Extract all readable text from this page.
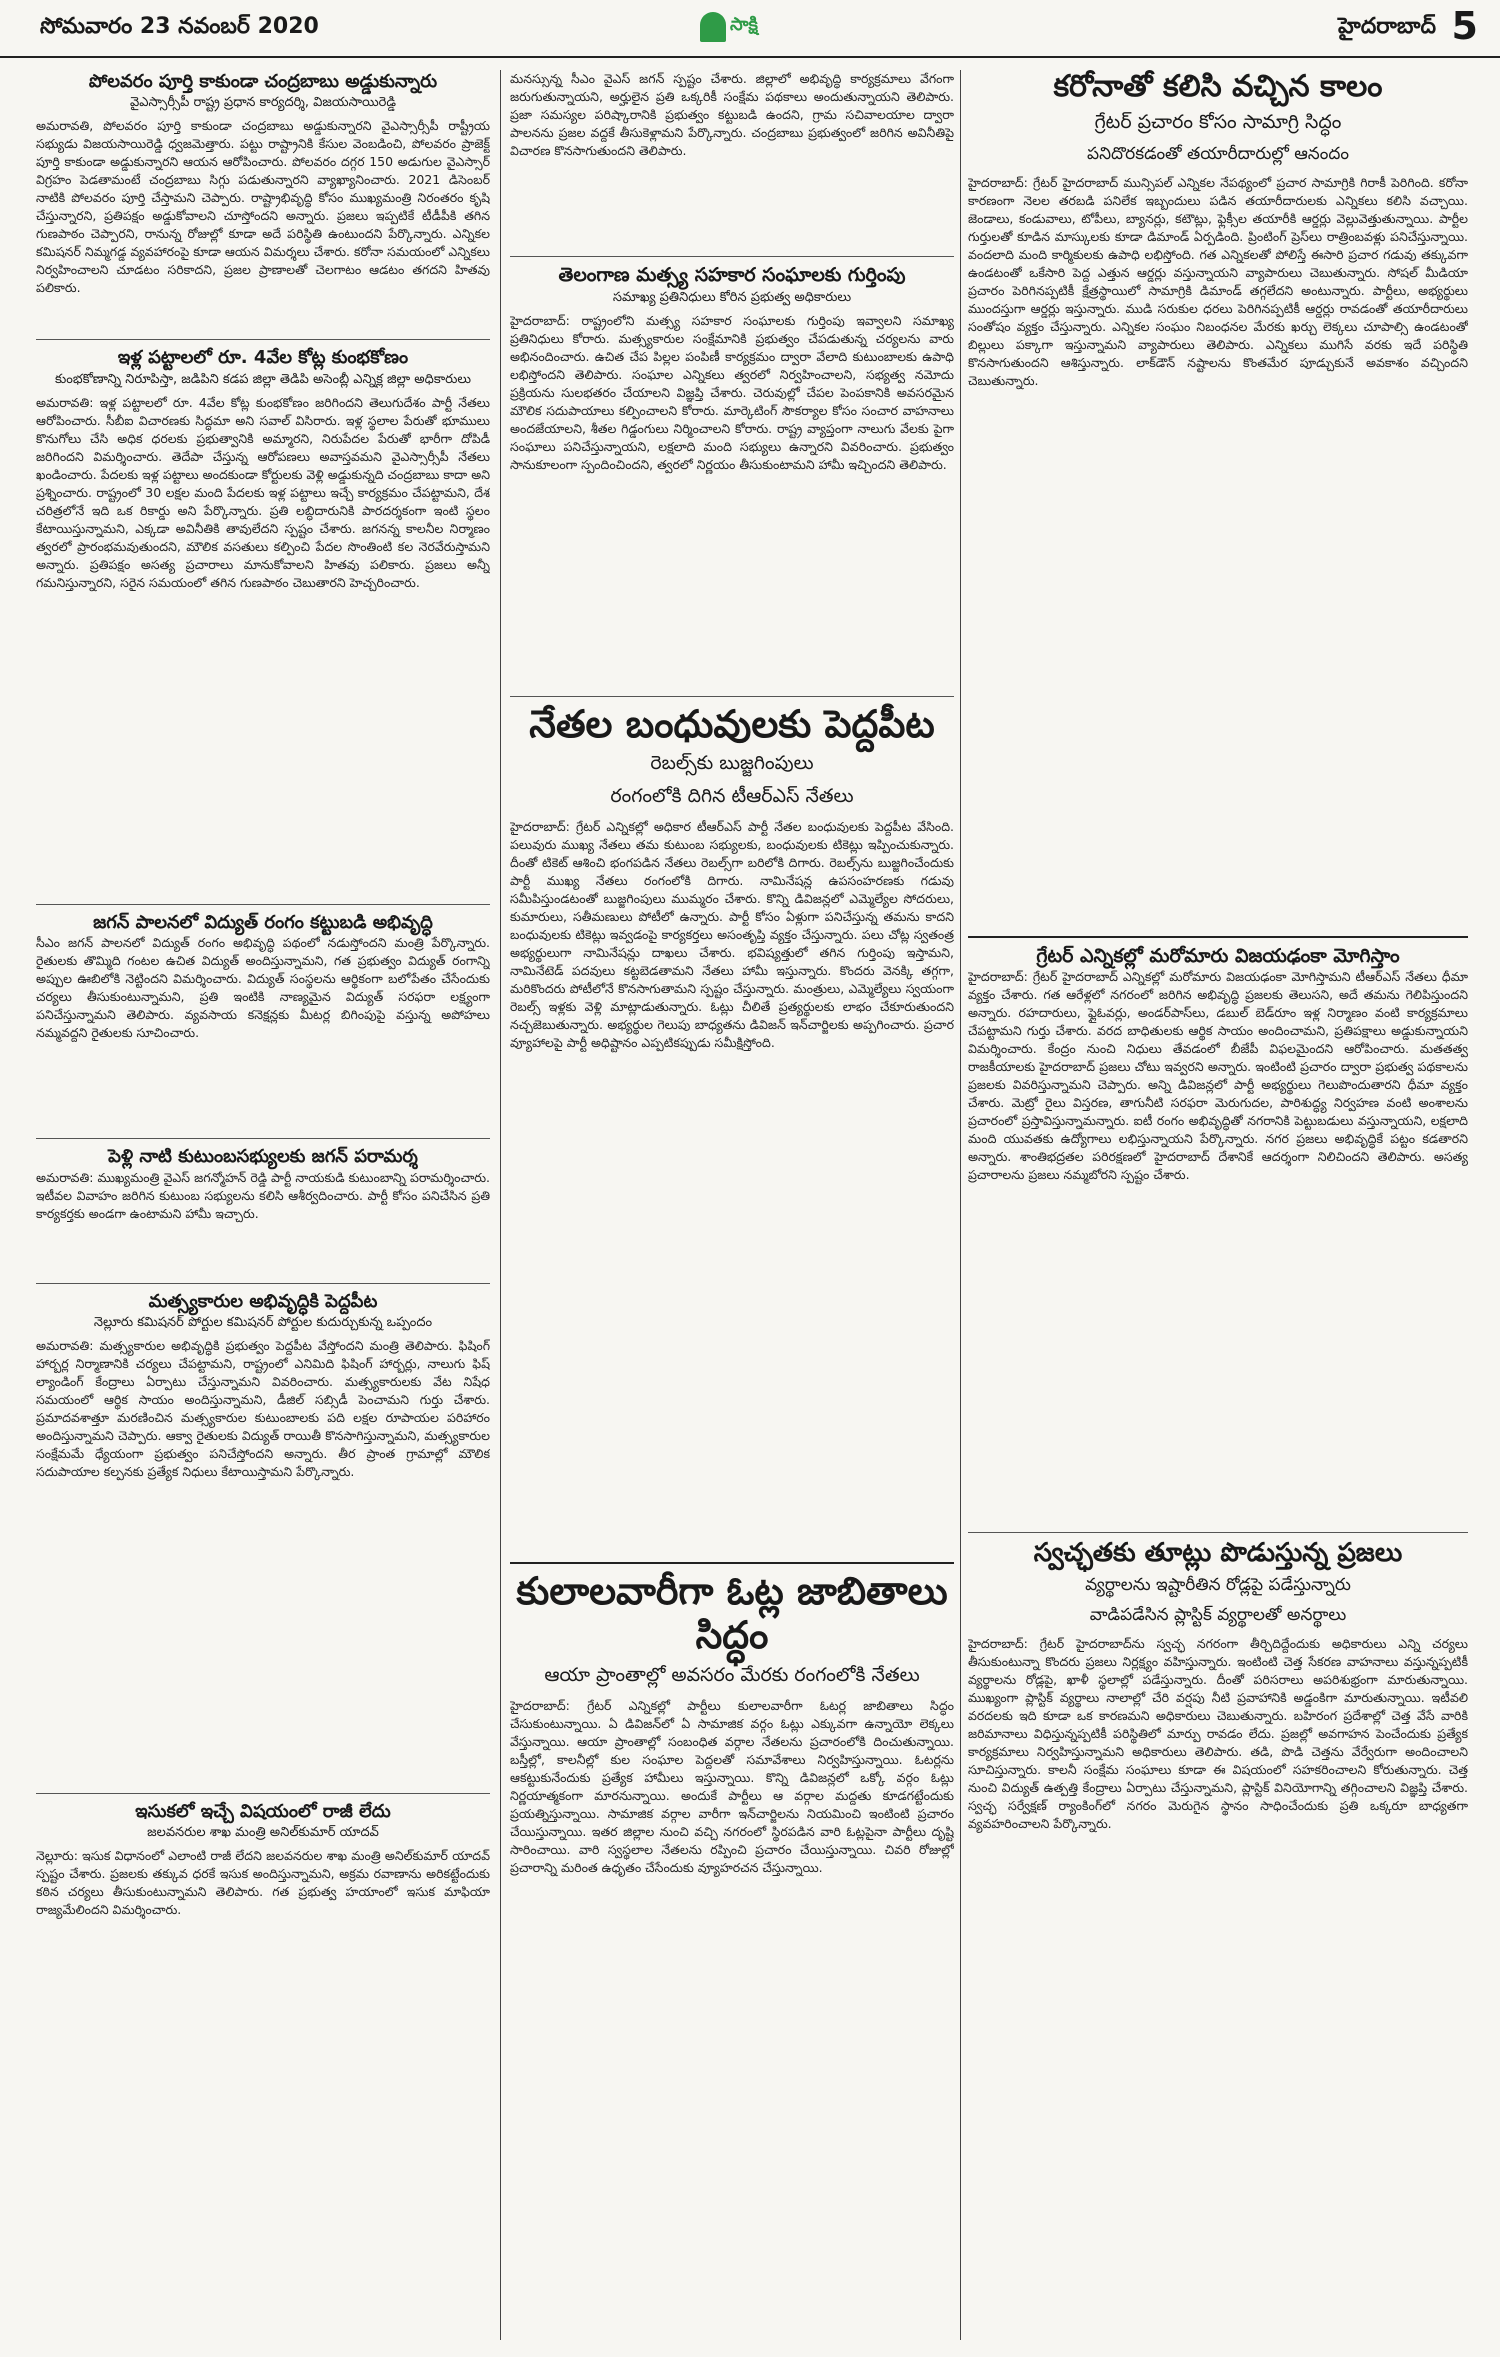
సోమవారం 23 నవంబర్ 2020	సాక్షి	హైదరాబాద్ 5

పోలవరం పూర్తి కాకుండా చంద్రబాబు అడ్డుకున్నారు

వైఎస్సార్సీపీ రాష్ట్ర ప్రధాన కార్యదర్శి, విజయసాయిరెడ్డి

అమరావతి, పోలవరం పూర్తి కాకుండా చంద్రబాబు అడ్డుకున్నారని వైఎస్సార్సీపీ రాష్ట్రీయ సభ్యుడు విజయసాయిరెడ్డి ధ్వజమెత్తారు. పట్టు రాష్ట్రానికి కేసుల వెంబడించి, పోలవరం ప్రాజెక్ట్ పూర్తి కాకుండా అడ్డుకున్నారని ఆయన ఆరోపించారు. పోలవరం దగ్గర 150 అడుగుల వైఎస్సార్ విగ్రహం పెడతామంటే చంద్రబాబు సిగ్గు పడుతున్నారని వ్యాఖ్యానించారు. 2021 డిసెంబర్ నాటికి పోలవరం పూర్తి చేస్తామని చెప్పారు. రాష్ట్రాభివృద్ధి కోసం ముఖ్యమంత్రి నిరంతరం కృషి చేస్తున్నారని, ప్రతిపక్షం అడ్డుకోవాలని చూస్తోందని అన్నారు. ప్రజలు ఇప్పటికే టీడీపీకి తగిన గుణపాఠం చెప్పారని, రానున్న రోజుల్లో కూడా అదే పరిస్థితి ఉంటుందని పేర్కొన్నారు. ఎన్నికల కమిషనర్ నిమ్మగడ్డ వ్యవహారంపై కూడా ఆయన విమర్శలు చేశారు. కరోనా సమయంలో ఎన్నికలు నిర్వహించాలని చూడటం సరికాదని, ప్రజల ప్రాణాలతో చెలగాటం ఆడటం తగదని హితవు పలికారు.

ఇళ్ల పట్టాలలో రూ. 4వేల కోట్ల కుంభకోణం

కుంభకోణాన్ని నిరూపిస్తా, జడిపిని కడప జిల్లా తెడిపి అసెంబ్లీ ఎన్నిక్ల జిల్లా అధికారులు

అమరావతి: ఇళ్ల పట్టాలలో రూ. 4వేల కోట్ల కుంభకోణం జరిగిందని తెలుగుదేశం పార్టీ నేతలు ఆరోపించారు. సీబీఐ విచారణకు సిద్ధమా అని సవాల్ విసిరారు. ఇళ్ల స్థలాల పేరుతో భూములు కొనుగోలు చేసి అధిక ధరలకు ప్రభుత్వానికి అమ్మారని, నిరుపేదల పేరుతో భారీగా దోపిడీ జరిగిందని విమర్శించారు. తెదేపా చేస్తున్న ఆరోపణలు అవాస్తవమని వైఎస్సార్సీపీ నేతలు ఖండించారు. పేదలకు ఇళ్ల పట్టాలు అందకుండా కోర్టులకు వెళ్లి అడ్డుకున్నది చంద్రబాబు కాదా అని ప్రశ్నించారు. రాష్ట్రంలో 30 లక్షల మంది పేదలకు ఇళ్ల పట్టాలు ఇచ్చే కార్యక్రమం చేపట్టామని, దేశ చరిత్రలోనే ఇది ఒక రికార్డు అని పేర్కొన్నారు. ప్రతి లబ్ధిదారునికి పారదర్శకంగా ఇంటి స్థలం కేటాయిస్తున్నామని, ఎక్కడా అవినీతికి తావులేదని స్పష్టం చేశారు. జగనన్న కాలనీల నిర్మాణం త్వరలో ప్రారంభమవుతుందని, మౌలిక వసతులు కల్పించి పేదల సొంతింటి కల నెరవేరుస్తామని అన్నారు. ప్రతిపక్షం అసత్య ప్రచారాలు మానుకోవాలని హితవు పలికారు. ప్రజలు అన్నీ గమనిస్తున్నారని, సరైన సమయంలో తగిన గుణపాఠం చెబుతారని హెచ్చరించారు.

జగన్ పాలనలో విద్యుత్ రంగం కట్టుబడి అభివృద్ధి

సీఎం జగన్ పాలనలో విద్యుత్ రంగం అభివృద్ధి పథంలో నడుస్తోందని మంత్రి పేర్కొన్నారు. రైతులకు తొమ్మిది గంటల ఉచిత విద్యుత్ అందిస్తున్నామని, గత ప్రభుత్వం విద్యుత్ రంగాన్ని అప్పుల ఊబిలోకి నెట్టిందని విమర్శించారు. విద్యుత్ సంస్థలను ఆర్థికంగా బలోపేతం చేసేందుకు చర్యలు తీసుకుంటున్నామని, ప్రతి ఇంటికి నాణ్యమైన విద్యుత్ సరఫరా లక్ష్యంగా పనిచేస్తున్నామని తెలిపారు. వ్యవసాయ కనెక్షన్లకు మీటర్ల బిగింపుపై వస్తున్న అపోహలు నమ్మవద్దని రైతులకు సూచించారు.

పెళ్లి నాటి కుటుంబసభ్యులకు జగన్ పరామర్శ

అమరావతి: ముఖ్యమంత్రి వైఎస్ జగన్మోహన్ రెడ్డి పార్టీ నాయకుడి కుటుంబాన్ని పరామర్శించారు. ఇటీవల వివాహం జరిగిన కుటుంబ సభ్యులను కలిసి ఆశీర్వదించారు. పార్టీ కోసం పనిచేసిన ప్రతి కార్యకర్తకు అండగా ఉంటామని హామీ ఇచ్చారు.

మత్స్యకారుల అభివృద్ధికి పెద్దపీట

నెల్లూరు కమిషనర్ పోర్టుల కమిషనర్ పోర్టుల కుదుర్చుకున్న ఒప్పందం

అమరావతి: మత్స్యకారుల అభివృద్ధికి ప్రభుత్వం పెద్దపీట వేస్తోందని మంత్రి తెలిపారు. ఫిషింగ్ హార్బర్ల నిర్మాణానికి చర్యలు చేపట్టామని, రాష్ట్రంలో ఎనిమిది ఫిషింగ్ హార్బర్లు, నాలుగు ఫిష్ ల్యాండింగ్ కేంద్రాలు ఏర్పాటు చేస్తున్నామని వివరించారు. మత్స్యకారులకు వేట నిషేధ సమయంలో ఆర్థిక సాయం అందిస్తున్నామని, డీజిల్ సబ్సిడీ పెంచామని గుర్తు చేశారు. ప్రమాదవశాత్తూ మరణించిన మత్స్యకారుల కుటుంబాలకు పది లక్షల రూపాయల పరిహారం అందిస్తున్నామని చెప్పారు. ఆక్వా రైతులకు విద్యుత్ రాయితీ కొనసాగిస్తున్నామని, మత్స్యకారుల సంక్షేమమే ధ్యేయంగా ప్రభుత్వం పనిచేస్తోందని అన్నారు. తీర ప్రాంత గ్రామాల్లో మౌలిక సదుపాయాల కల్పనకు ప్రత్యేక నిధులు కేటాయిస్తామని పేర్కొన్నారు.

ఇసుకలో ఇచ్చే విషయంలో రాజీ లేదు

జలవనరుల శాఖ మంత్రి అనిల్‌కుమార్ యాదవ్

నెల్లూరు: ఇసుక విధానంలో ఎలాంటి రాజీ లేదని జలవనరుల శాఖ మంత్రి అనిల్‌కుమార్ యాదవ్ స్పష్టం చేశారు. ప్రజలకు తక్కువ ధరకే ఇసుక అందిస్తున్నామని, అక్రమ రవాణాను అరికట్టేందుకు కఠిన చర్యలు తీసుకుంటున్నామని తెలిపారు. గత ప్రభుత్వ హయాంలో ఇసుక మాఫియా రాజ్యమేలిందని విమర్శించారు.

మనస్సున్న సీఎం వైఎస్ జగన్ స్పష్టం చేశారు. జిల్లాలో అభివృద్ధి కార్యక్రమాలు వేగంగా జరుగుతున్నాయని, అర్హులైన ప్రతి ఒక్కరికీ సంక్షేమ పథకాలు అందుతున్నాయని తెలిపారు. ప్రజా సమస్యల పరిష్కారానికి ప్రభుత్వం కట్టుబడి ఉందని, గ్రామ సచివాలయాల ద్వారా పాలనను ప్రజల వద్దకే తీసుకెళ్లామని పేర్కొన్నారు. చంద్రబాబు ప్రభుత్వంలో జరిగిన అవినీతిపై విచారణ కొనసాగుతుందని తెలిపారు.

తెలంగాణ మత్స్య సహకార సంఘాలకు గుర్తింపు

సమాఖ్య ప్రతినిధులు కోరిన ప్రభుత్వ అధికారులు

హైదరాబాద్: రాష్ట్రంలోని మత్స్య సహకార సంఘాలకు గుర్తింపు ఇవ్వాలని సమాఖ్య ప్రతినిధులు కోరారు. మత్స్యకారుల సంక్షేమానికి ప్రభుత్వం చేపడుతున్న చర్యలను వారు అభినందించారు. ఉచిత చేప పిల్లల పంపిణీ కార్యక్రమం ద్వారా వేలాది కుటుంబాలకు ఉపాధి లభిస్తోందని తెలిపారు. సంఘాల ఎన్నికలు త్వరలో నిర్వహించాలని, సభ్యత్వ నమోదు ప్రక్రియను సులభతరం చేయాలని విజ్ఞప్తి చేశారు. చెరువుల్లో చేపల పెంపకానికి అవసరమైన మౌలిక సదుపాయాలు కల్పించాలని కోరారు. మార్కెటింగ్ సౌకర్యాల కోసం సంచార వాహనాలు అందజేయాలని, శీతల గిడ్డంగులు నిర్మించాలని కోరారు. రాష్ట్ర వ్యాప్తంగా నాలుగు వేలకు పైగా సంఘాలు పనిచేస్తున్నాయని, లక్షలాది మంది సభ్యులు ఉన్నారని వివరించారు. ప్రభుత్వం సానుకూలంగా స్పందించిందని, త్వరలో నిర్ణయం తీసుకుంటామని హామీ ఇచ్చిందని తెలిపారు.

నేతల బంధువులకు పెద్దపీట

రెబల్స్‌కు బుజ్జగింపులు

రంగంలోకి దిగిన టీఆర్ఎస్ నేతలు

హైదరాబాద్: గ్రేటర్ ఎన్నికల్లో అధికార టీఆర్ఎస్ పార్టీ నేతల బంధువులకు పెద్దపీట వేసింది. పలువురు ముఖ్య నేతలు తమ కుటుంబ సభ్యులకు, బంధువులకు టికెట్లు ఇప్పించుకున్నారు. దీంతో టికెట్ ఆశించి భంగపడిన నేతలు రెబల్స్‌గా బరిలోకి దిగారు. రెబల్స్‌ను బుజ్జగించేందుకు పార్టీ ముఖ్య నేతలు రంగంలోకి దిగారు. నామినేషన్ల ఉపసంహరణకు గడువు సమీపిస్తుండటంతో బుజ్జగింపులు ముమ్మరం చేశారు. కొన్ని డివిజన్లలో ఎమ్మెల్యేల సోదరులు, కుమారులు, సతీమణులు పోటీలో ఉన్నారు. పార్టీ కోసం ఏళ్లుగా పనిచేస్తున్న తమను కాదని బంధువులకు టికెట్లు ఇవ్వడంపై కార్యకర్తలు అసంతృప్తి వ్యక్తం చేస్తున్నారు. పలు చోట్ల స్వతంత్ర అభ్యర్థులుగా నామినేషన్లు దాఖలు చేశారు. భవిష్యత్తులో తగిన గుర్తింపు ఇస్తామని, నామినేటెడ్ పదవులు కట్టబెడతామని నేతలు హామీ ఇస్తున్నారు. కొందరు వెనక్కి తగ్గగా, మరికొందరు పోటీలోనే కొనసాగుతామని స్పష్టం చేస్తున్నారు. మంత్రులు, ఎమ్మెల్యేలు స్వయంగా రెబల్స్ ఇళ్లకు వెళ్లి మాట్లాడుతున్నారు. ఓట్లు చీలితే ప్రత్యర్థులకు లాభం చేకూరుతుందని నచ్చజెబుతున్నారు. అభ్యర్థుల గెలుపు బాధ్యతను డివిజన్ ఇన్‌చార్జిలకు అప్పగించారు. ప్రచార వ్యూహాలపై పార్టీ అధిష్టానం ఎప్పటికప్పుడు సమీక్షిస్తోంది.

కులాలవారీగా ఓట్ల జాబితాలు సిద్ధం

ఆయా ప్రాంతాల్లో అవసరం మేరకు రంగంలోకి నేతలు

హైదరాబాద్: గ్రేటర్ ఎన్నికల్లో పార్టీలు కులాలవారీగా ఓటర్ల జాబితాలు సిద్ధం చేసుకుంటున్నాయి. ఏ డివిజన్‌లో ఏ సామాజిక వర్గం ఓట్లు ఎక్కువగా ఉన్నాయో లెక్కలు వేస్తున్నాయి. ఆయా ప్రాంతాల్లో సంబంధిత వర్గాల నేతలను ప్రచారంలోకి దించుతున్నాయి. బస్తీల్లో, కాలనీల్లో కుల సంఘాల పెద్దలతో సమావేశాలు నిర్వహిస్తున్నాయి. ఓటర్లను ఆకట్టుకునేందుకు ప్రత్యేక హామీలు ఇస్తున్నాయి. కొన్ని డివిజన్లలో ఒక్కో వర్గం ఓట్లు నిర్ణయాత్మకంగా మారనున్నాయి. అందుకే పార్టీలు ఆ వర్గాల మద్దతు కూడగట్టేందుకు ప్రయత్నిస్తున్నాయి. సామాజిక వర్గాల వారీగా ఇన్‌చార్జిలను నియమించి ఇంటింటి ప్రచారం చేయిస్తున్నాయి. ఇతర జిల్లాల నుంచి వచ్చి నగరంలో స్థిరపడిన వారి ఓట్లపైనా పార్టీలు దృష్టి సారించాయి. వారి స్వస్థలాల నేతలను రప్పించి ప్రచారం చేయిస్తున్నాయి. చివరి రోజుల్లో ప్రచారాన్ని మరింత ఉధృతం చేసేందుకు వ్యూహరచన చేస్తున్నాయి.

కరోనాతో కలిసి వచ్చిన కాలం

గ్రేటర్ ప్రచారం కోసం సామాగ్రి సిద్ధం

పనిదొరకడంతో తయారీదారుల్లో ఆనందం

హైదరాబాద్: గ్రేటర్ హైదరాబాద్ మున్సిపల్ ఎన్నికల నేపథ్యంలో ప్రచార సామాగ్రికి గిరాకీ పెరిగింది. కరోనా కారణంగా నెలల తరబడి పనిలేక ఇబ్బందులు పడిన తయారీదారులకు ఎన్నికలు కలిసి వచ్చాయి. జెండాలు, కండువాలు, టోపీలు, బ్యానర్లు, కటౌట్లు, ఫ్లెక్సీల తయారీకి ఆర్డర్లు వెల్లువెత్తుతున్నాయి. పార్టీల గుర్తులతో కూడిన మాస్కులకు కూడా డిమాండ్ ఏర్పడింది. ప్రింటింగ్ ప్రెస్‌లు రాత్రింబవళ్లు పనిచేస్తున్నాయి. వందలాది మంది కార్మికులకు ఉపాధి లభిస్తోంది. గత ఎన్నికలతో పోలిస్తే ఈసారి ప్రచార గడువు తక్కువగా ఉండటంతో ఒకేసారి పెద్ద ఎత్తున ఆర్డర్లు వస్తున్నాయని వ్యాపారులు చెబుతున్నారు. సోషల్ మీడియా ప్రచారం పెరిగినప్పటికీ క్షేత్రస్థాయిలో సామాగ్రికి డిమాండ్ తగ్గలేదని అంటున్నారు. పార్టీలు, అభ్యర్థులు ముందస్తుగా ఆర్డర్లు ఇస్తున్నారు. ముడి సరుకుల ధరలు పెరిగినప్పటికీ ఆర్డర్లు రావడంతో తయారీదారులు సంతోషం వ్యక్తం చేస్తున్నారు. ఎన్నికల సంఘం నిబంధనల మేరకు ఖర్చు లెక్కలు చూపాల్సి ఉండటంతో బిల్లులు పక్కాగా ఇస్తున్నామని వ్యాపారులు తెలిపారు. ఎన్నికలు ముగిసే వరకు ఇదే పరిస్థితి కొనసాగుతుందని ఆశిస్తున్నారు. లాక్‌డౌన్ నష్టాలను కొంతమేర పూడ్చుకునే అవకాశం వచ్చిందని చెబుతున్నారు.

గ్రేటర్ ఎన్నికల్లో మరోమారు విజయఢంకా మోగిస్తాం

హైదరాబాద్: గ్రేటర్ హైదరాబాద్ ఎన్నికల్లో మరోమారు విజయఢంకా మోగిస్తామని టీఆర్ఎస్ నేతలు ధీమా వ్యక్తం చేశారు. గత ఆరేళ్లలో నగరంలో జరిగిన అభివృద్ధి ప్రజలకు తెలుసని, అదే తమను గెలిపిస్తుందని అన్నారు. రహదారులు, ఫ్లైఓవర్లు, అండర్‌పాస్‌లు, డబుల్ బెడ్‌రూం ఇళ్ల నిర్మాణం వంటి కార్యక్రమాలు చేపట్టామని గుర్తు చేశారు. వరద బాధితులకు ఆర్థిక సాయం అందించామని, ప్రతిపక్షాలు అడ్డుకున్నాయని విమర్శించారు. కేంద్రం నుంచి నిధులు తేవడంలో బీజేపీ విఫలమైందని ఆరోపించారు. మతతత్వ రాజకీయాలకు హైదరాబాద్ ప్రజలు చోటు ఇవ్వరని అన్నారు. ఇంటింటి ప్రచారం ద్వారా ప్రభుత్వ పథకాలను ప్రజలకు వివరిస్తున్నామని చెప్పారు. అన్ని డివిజన్లలో పార్టీ అభ్యర్థులు గెలుపొందుతారని ధీమా వ్యక్తం చేశారు. మెట్రో రైలు విస్తరణ, తాగునీటి సరఫరా మెరుగుదల, పారిశుద్ధ్య నిర్వహణ వంటి అంశాలను ప్రచారంలో ప్రస్తావిస్తున్నామన్నారు. ఐటీ రంగం అభివృద్ధితో నగరానికి పెట్టుబడులు వస్తున్నాయని, లక్షలాది మంది యువతకు ఉద్యోగాలు లభిస్తున్నాయని పేర్కొన్నారు. నగర ప్రజలు అభివృద్ధికే పట్టం కడతారని అన్నారు. శాంతిభద్రతల పరిరక్షణలో హైదరాబాద్ దేశానికే ఆదర్శంగా నిలిచిందని తెలిపారు. అసత్య ప్రచారాలను ప్రజలు నమ్మబోరని స్పష్టం చేశారు.

స్వచ్ఛతకు తూట్లు పొడుస్తున్న ప్రజలు

వ్యర్థాలను ఇష్టారీతిన రోడ్లపై పడేస్తున్నారు

వాడిపడేసిన ప్లాస్టిక్ వ్యర్థాలతో అనర్థాలు

హైదరాబాద్: గ్రేటర్ హైదరాబాద్‌ను స్వచ్ఛ నగరంగా తీర్చిదిద్దేందుకు అధికారులు ఎన్ని చర్యలు తీసుకుంటున్నా కొందరు ప్రజలు నిర్లక్ష్యం వహిస్తున్నారు. ఇంటింటి చెత్త సేకరణ వాహనాలు వస్తున్నప్పటికీ వ్యర్థాలను రోడ్లపై, ఖాళీ స్థలాల్లో పడేస్తున్నారు. దీంతో పరిసరాలు అపరిశుభ్రంగా మారుతున్నాయి. ముఖ్యంగా ప్లాస్టిక్ వ్యర్థాలు నాలాల్లో చేరి వర్షపు నీటి ప్రవాహానికి అడ్డంకిగా మారుతున్నాయి. ఇటీవలి వరదలకు ఇది కూడా ఒక కారణమని అధికారులు చెబుతున్నారు. బహిరంగ ప్రదేశాల్లో చెత్త వేసే వారికి జరిమానాలు విధిస్తున్నప్పటికీ పరిస్థితిలో మార్పు రావడం లేదు. ప్రజల్లో అవగాహన పెంచేందుకు ప్రత్యేక కార్యక్రమాలు నిర్వహిస్తున్నామని అధికారులు తెలిపారు. తడి, పొడి చెత్తను వేర్వేరుగా అందించాలని సూచిస్తున్నారు. కాలనీ సంక్షేమ సంఘాలు కూడా ఈ విషయంలో సహకరించాలని కోరుతున్నారు. చెత్త నుంచి విద్యుత్ ఉత్పత్తి కేంద్రాలు ఏర్పాటు చేస్తున్నామని, ప్లాస్టిక్ వినియోగాన్ని తగ్గించాలని విజ్ఞప్తి చేశారు. స్వచ్ఛ సర్వేక్షణ్ ర్యాంకింగ్‌లో నగరం మెరుగైన స్థానం సాధించేందుకు ప్రతి ఒక్కరూ బాధ్యతగా వ్యవహరించాలని పేర్కొన్నారు.
